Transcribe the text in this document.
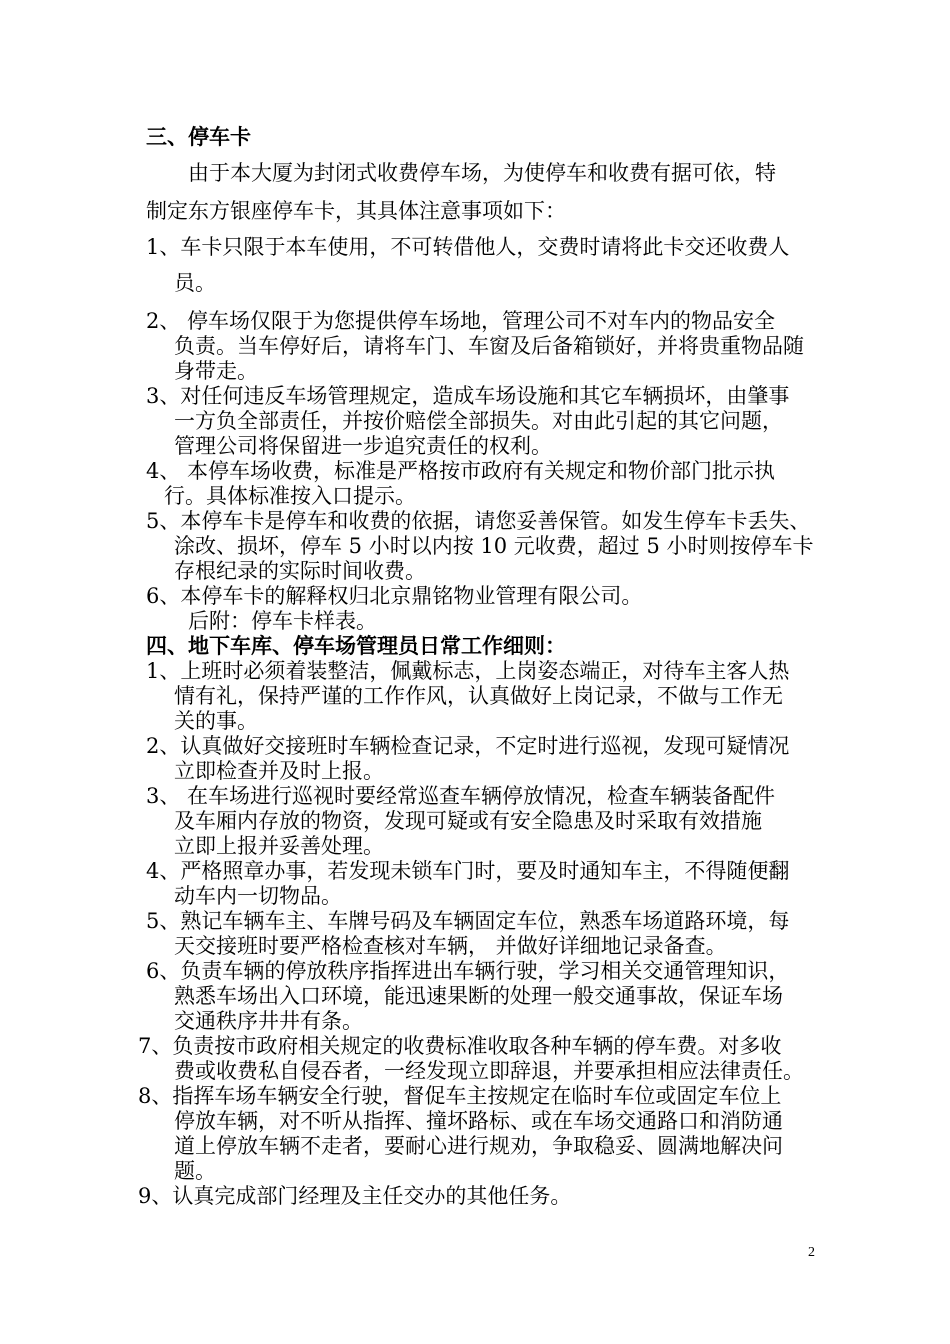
三、停车卡
由于本大厦为封闭式收费停车场，为使停车和收费有据可依，特
制定东方银座停车卡，其具体注意事项如下：
1、车卡只限于本车使用，不可转借他人，交费时请将此卡交还收费人
员。
2、 停车场仅限于为您提供停车场地，管理公司不对车内的物品安全
负责。当车停好后，请将车门、车窗及后备箱锁好，并将贵重物品随
身带走。
3、对任何违反车场管理规定，造成车场设施和其它车辆损坏，由肇事
一方负全部责任，并按价赔偿全部损失。对由此引起的其它问题，
管理公司将保留进一步追究责任的权利。
4、 本停车场收费，标准是严格按市政府有关规定和物价部门批示执
行。具体标准按入口提示。
5、本停车卡是停车和收费的依据，请您妥善保管。如发生停车卡丢失、
涂改、损坏，停车 5 小时以内按 10 元收费，超过 5 小时则按停车卡
存根纪录的实际时间收费。
6、本停车卡的解释权归北京鼎铭物业管理有限公司。
后附：停车卡样表。
四、地下车库、停车场管理员日常工作细则：
1、上班时必须着装整洁，佩戴标志，上岗姿态端正，对待车主客人热
情有礼，保持严谨的工作作风，认真做好上岗记录，不做与工作无
关的事。
2、认真做好交接班时车辆检查记录，不定时进行巡视，发现可疑情况
立即检查并及时上报。
3、 在车场进行巡视时要经常巡查车辆停放情况，检查车辆装备配件
及车厢内存放的物资，发现可疑或有安全隐患及时采取有效措施
立即上报并妥善处理。
4、严格照章办事，若发现未锁车门时，要及时通知车主，不得随便翻
动车内一切物品。
5、熟记车辆车主、车牌号码及车辆固定车位，熟悉车场道路环境，每
天交接班时要严格检查核对车辆， 并做好详细地记录备查。
6、负责车辆的停放秩序指挥进出车辆行驶，学习相关交通管理知识，
熟悉车场出入口环境，能迅速果断的处理一般交通事故，保证车场
交通秩序井井有条。
7、负责按市政府相关规定的收费标准收取各种车辆的停车费。对多收
费或收费私自侵吞者，一经发现立即辞退，并要承担相应法律责任。
8、指挥车场车辆安全行驶，督促车主按规定在临时车位或固定车位上
停放车辆，对不听从指挥、撞坏路标、或在车场交通路口和消防通
道上停放车辆不走者，要耐心进行规劝，争取稳妥、圆满地解决问
题。
9、认真完成部门经理及主任交办的其他任务。
2
